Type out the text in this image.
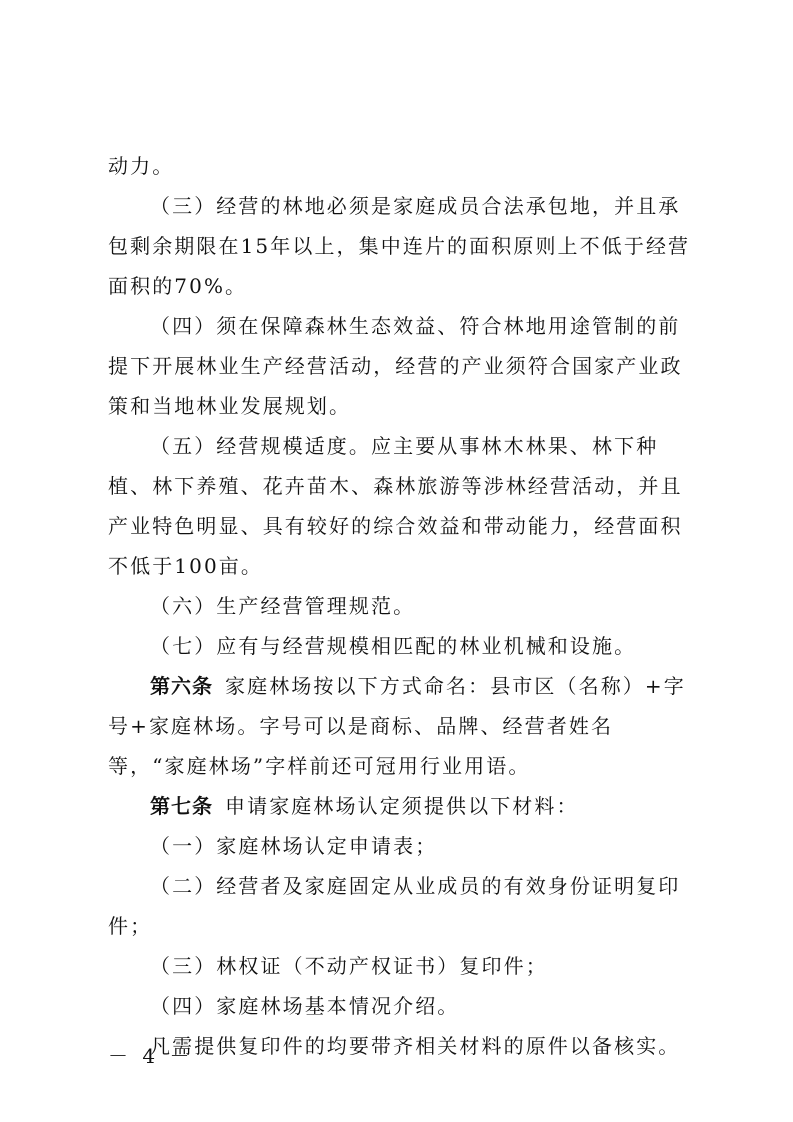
动力。

（三）经营的林地必须是家庭成员合法承包地，并且承包剩余期限在15年以上，集中连片的面积原则上不低于经营面积的70%。

（四）须在保障森林生态效益、符合林地用途管制的前提下开展林业生产经营活动，经营的产业须符合国家产业政策和当地林业发展规划。

（五）经营规模适度。应主要从事林木林果、林下种植、林下养殖、花卉苗木、森林旅游等涉林经营活动，并且产业特色明显、具有较好的综合效益和带动能力，经营面积不低于100亩。

（六）生产经营管理规范。

（七）应有与经营规模相匹配的林业机械和设施。

第六条 家庭林场按以下方式命名：县市区（名称）+字号+家庭林场。字号可以是商标、品牌、经营者姓名等，“家庭林场”字样前还可冠用行业用语。

第七条 申请家庭林场认定须提供以下材料：

（一）家庭林场认定申请表；

（二）经营者及家庭固定从业成员的有效身份证明复印件；

（三）林权证（不动产权证书）复印件；

（四）家庭林场基本情况介绍。

凡需提供复印件的均要带齐相关材料的原件以备核实。

－ 4 －
